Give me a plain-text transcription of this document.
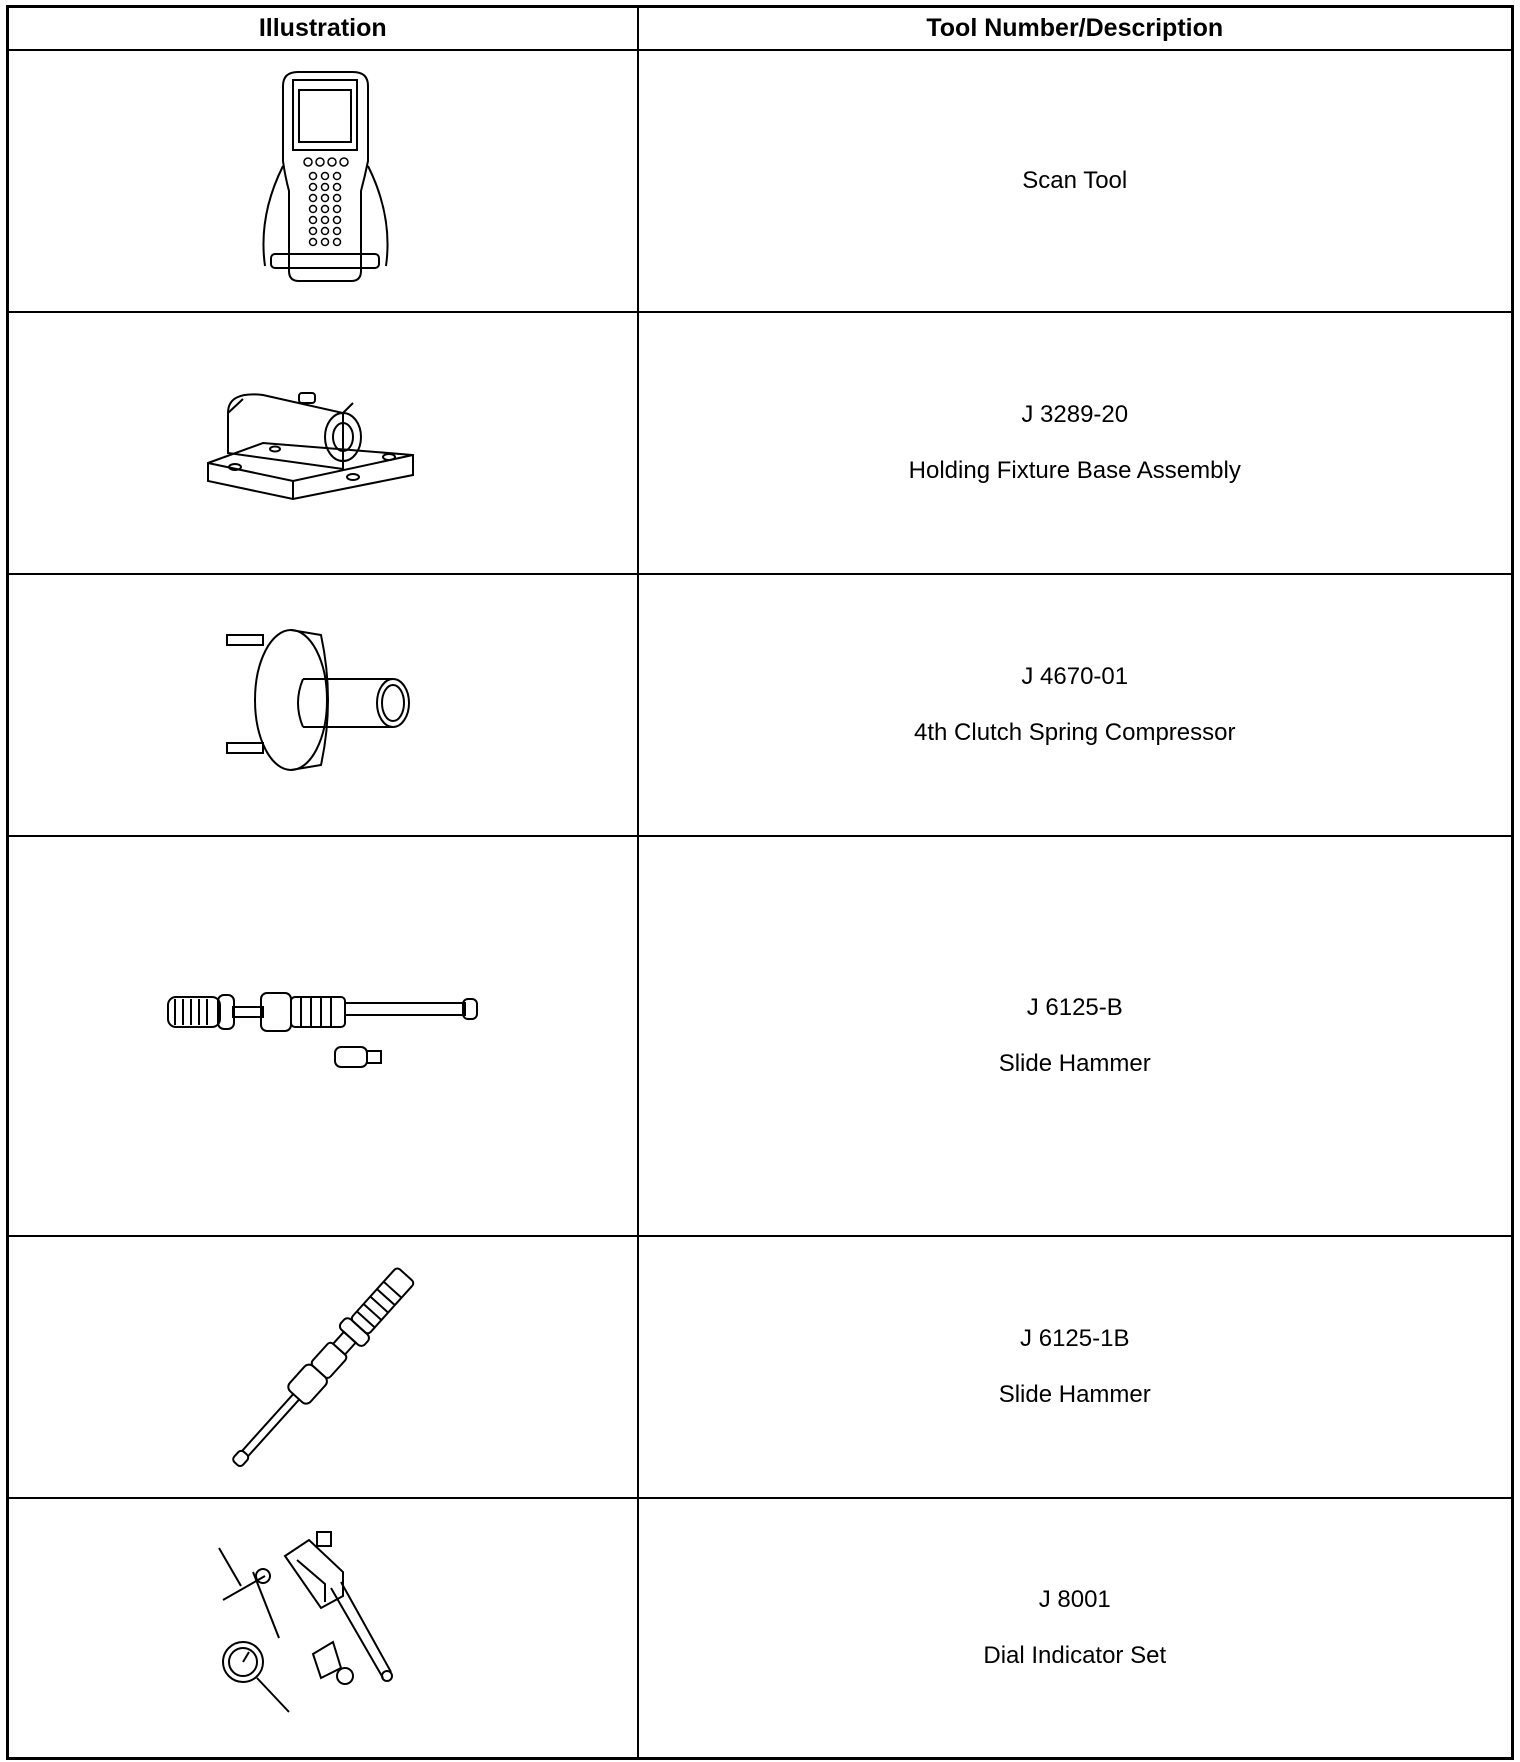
Illustration	Tool Number/Description

Scan Tool

J 3289-20
Holding Fixture Base Assembly

J 4670-01
4th Clutch Spring Compressor

J 6125-B
Slide Hammer

J 6125-1B
Slide Hammer

J 8001
Dial Indicator Set
